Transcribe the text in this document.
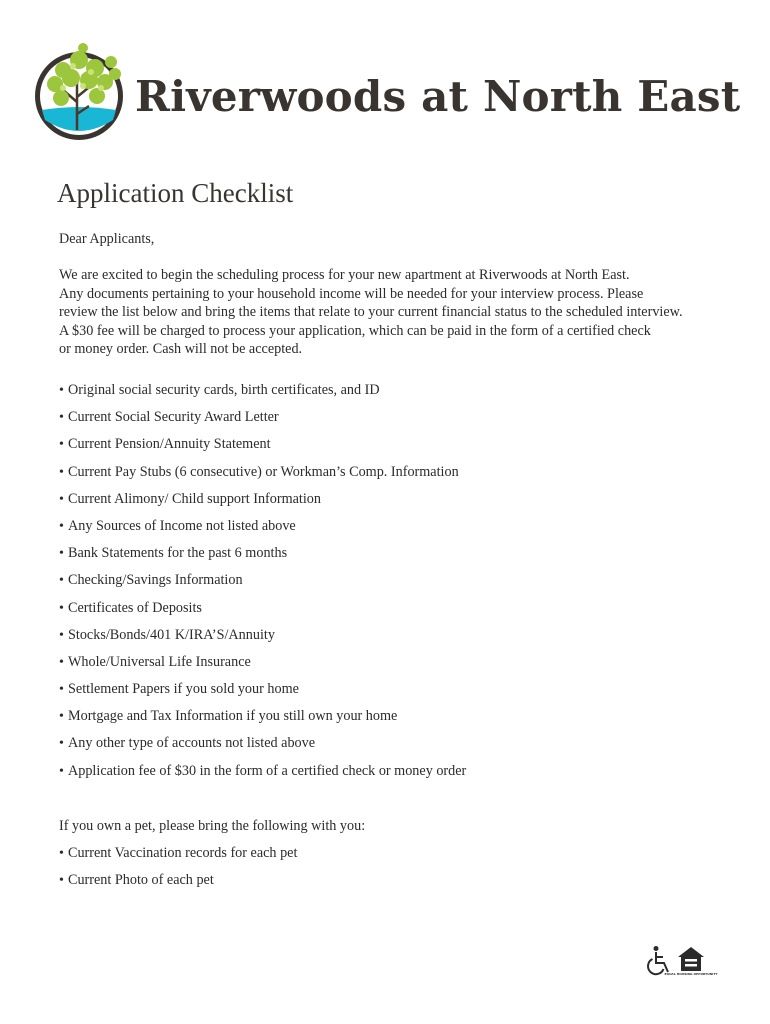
Riverwoods at North East
Application Checklist

Dear Applicants,

We are excited to begin the scheduling process for your new apartment at Riverwoods at North East.
Any documents pertaining to your household income will be needed for your interview process. Please
review the list below and bring the items that relate to your current financial status to the scheduled interview.
A $30 fee will be charged to process your application, which can be paid in the form of a certified check
or money order. Cash will not be accepted.

• Original social security cards, birth certificates, and ID
• Current Social Security Award Letter
• Current Pension/Annuity Statement
• Current Pay Stubs (6 consecutive) or Workman’s Comp. Information
• Current Alimony/ Child support Information
• Any Sources of Income not listed above
• Bank Statements for the past 6 months
• Checking/Savings Information
• Certificates of Deposits
• Stocks/Bonds/401 K/IRA’S/Annuity
• Whole/Universal Life Insurance
• Settlement Papers if you sold your home
• Mortgage and Tax Information if you still own your home
• Any other type of accounts not listed above
• Application fee of $30 in the form of a certified check or money order

If you own a pet, please bring the following with you:

• Current Vaccination records for each pet
• Current Photo of each pet
EQUAL HOUSING OPPORTUNITY
